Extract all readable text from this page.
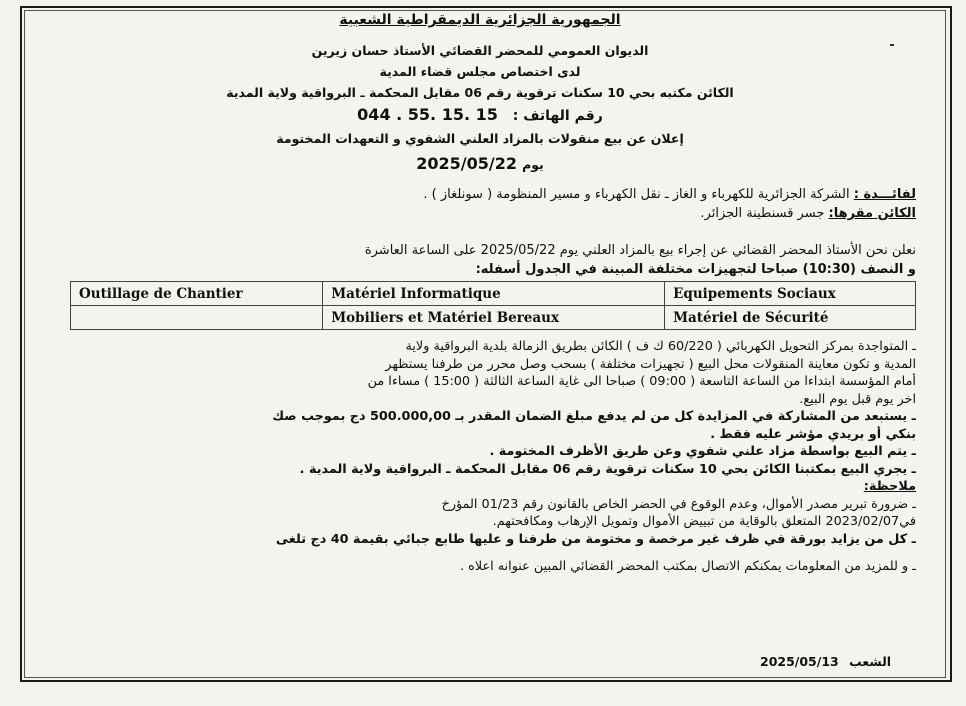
الجمهورية الجزائرية الديمقراطية الشعبية
الديوان العمومي للمحضر القضائي الأستاذ حسان زيرين
لدى اختصاص مجلس قضاء المدية
الكائن مكتبه بحي 10 سكنات ترقوية رقم 06 مقابل المحكمة ـ البرواقية ولاية المدية
رقم الهاتف : 044 . 55. 15. 15
إعلان عن بيع منقولات بالمزاد العلني الشفوي و التعهدات المختومة
يوم 2025/05/22
لفائـــدة : الشركة الجزائرية للكهرباء و الغاز ـ نقل الكهرباء و مسير المنظومة ( سونلغاز ) .
الكائن مقرها: جسر قسنطينة الجزائر.
نعلن نحن الأستاذ المحضر القضائي عن إجراء بيع بالمزاد العلني يوم 2025/05/22 على الساعة العاشرة
و النصف (10:30) صباحا لتجهيزات مختلفة المبينة في الجدول أسفله:
Outillage de Chantier	Matériel Informatique	Equipements Sociaux
	Mobiliers et Matériel Bereaux	Matériel de Sécurité
ـ المتواجدة بمركز التحويل الكهربائي ( 60/220 ك ف ) الكائن بطريق الزمالة بلدية البرواقية ولاية
المدية و تكون معاينة المنقولات محل البيع ( تجهيزات مختلفة ) بسحب وصل محرر من طرفنا يستظهر
أمام المؤسسة ابتداءا من الساعة التاسعة ( 09:00 ) صباحا الى غاية الساعة الثالثة ( 15:00 ) مساءا من
اخر يوم قبل يوم البيع.
ـ يستبعد من المشاركة في المزايدة كل من لم يدفع مبلغ الضمان المقدر بـ 500.000,00 دج بموجب صك
بنكي أو بريدي مؤشر عليه فقط .
ـ يتم البيع بواسطة مزاد علني شفوي وعن طريق الأظرف المختومة .
ـ يجري البيع بمكتبنا الكائن بحي 10 سكنات ترقوية رقم 06 مقابل المحكمة ـ البرواقية ولاية المدية .
ملاحظة:
ـ ضرورة تبرير مصدر الأموال، وعدم الوقوع في الحضر الخاص بالقانون رقم 01/23 المؤرخ
في2023/02/07 المتعلق بالوقاية من تبييض الأموال وتمويل الإرهاب ومكافحتهم.
ـ كل من يزايد بورقة في ظرف غير مرخصة و مختومة من طرفنا و عليها طابع جبائي بقيمة 40 دج تلغى
ـ و للمزيد من المعلومات يمكنكم الاتصال بمكتب المحضر القضائي المبين عنوانه اعلاه .
الشعب 2025/05/13
